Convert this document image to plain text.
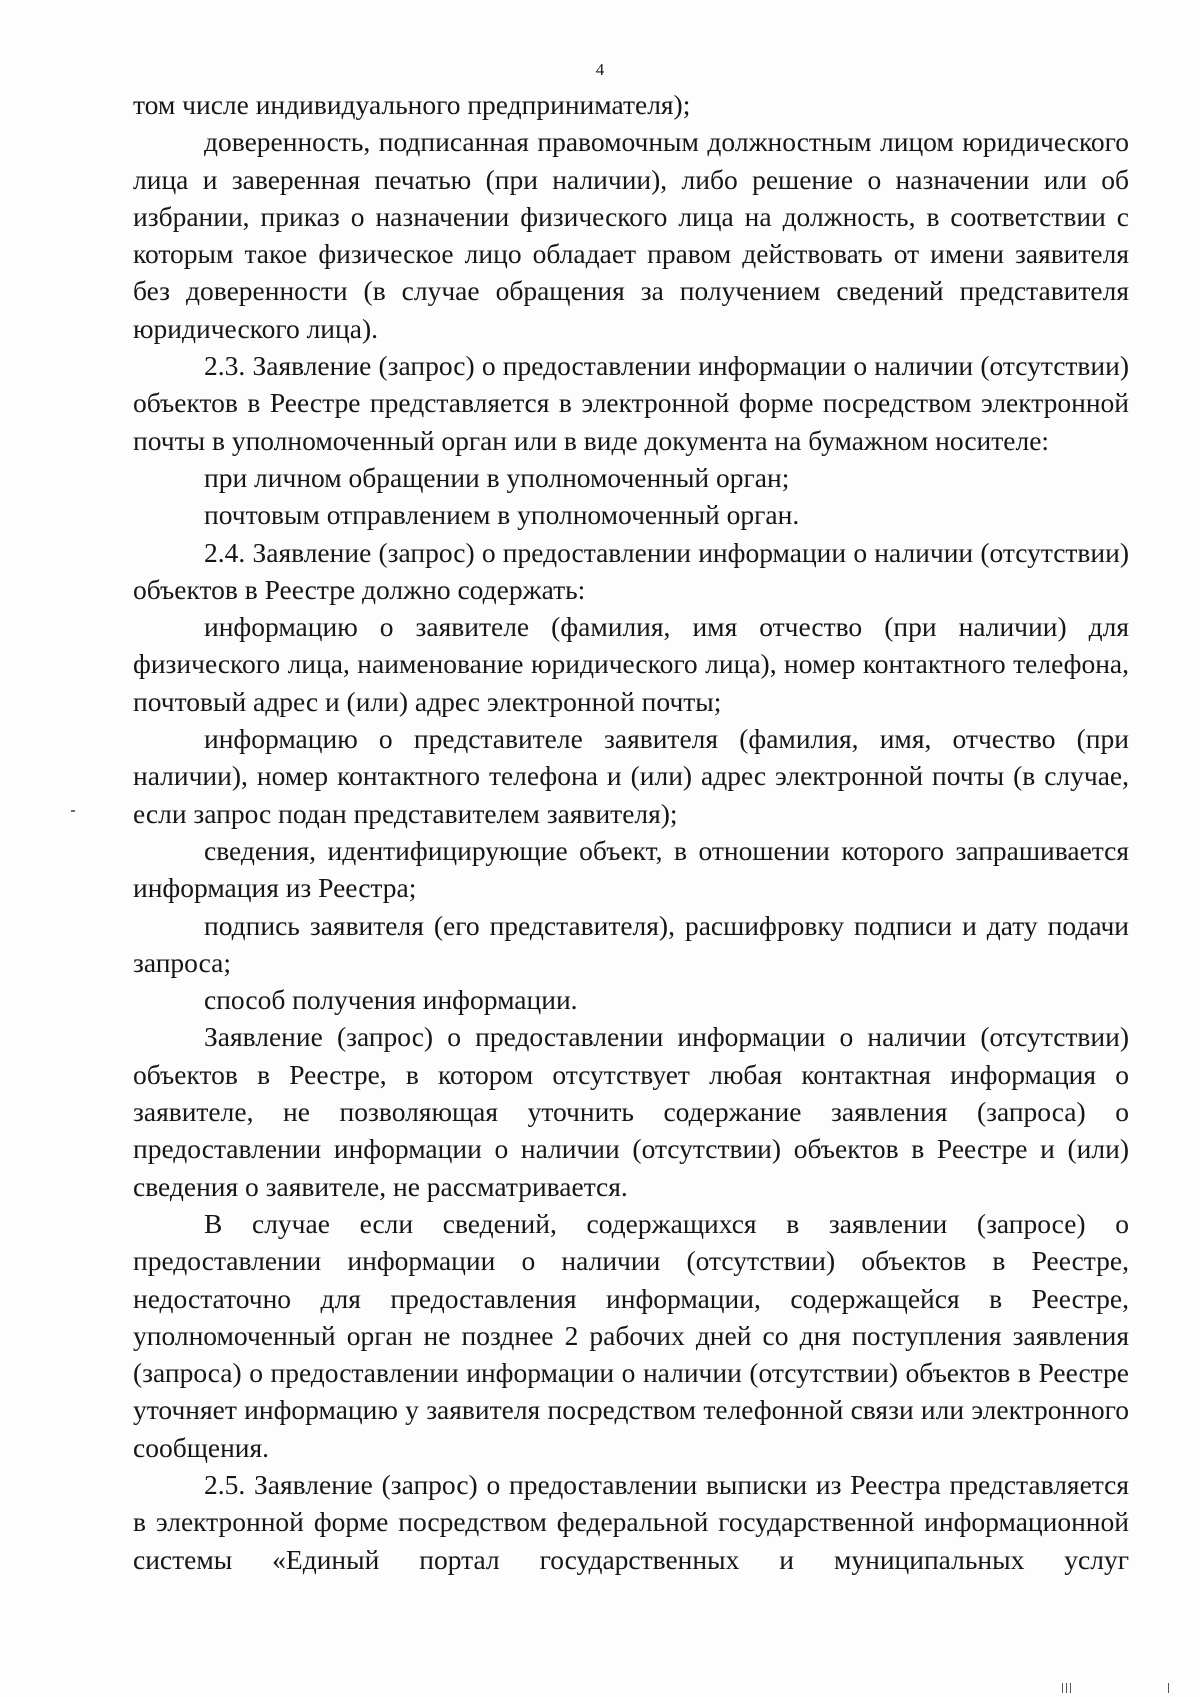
4

том числе индивидуального предпринимателя);

доверенность, подписанная правомочным должностным лицом юридического лица и заверенная печатью (при наличии), либо решение о назначении или об избрании, приказ о назначении физического лица на должность, в соответствии с которым такое физическое лицо обладает правом действовать от имени заявителя без доверенности (в случае обращения за получением сведений представителя юридического лица).

2.3. Заявление (запрос) о предоставлении информации о наличии (отсутствии) объектов в Реестре представляется в электронной форме посредством электронной почты в уполномоченный орган или в виде документа на бумажном носителе:

при личном обращении в уполномоченный орган;

почтовым отправлением в уполномоченный орган.

2.4. Заявление (запрос) о предоставлении информации о наличии (отсутствии) объектов в Реестре должно содержать:

информацию о заявителе (фамилия, имя отчество (при наличии) для физического лица, наименование юридического лица), номер контактного телефона, почтовый адрес и (или) адрес электронной почты;

информацию о представителе заявителя (фамилия, имя, отчество (при наличии), номер контактного телефона и (или) адрес электронной почты (в случае, если запрос подан представителем заявителя);

сведения, идентифицирующие объект, в отношении которого запрашивается информация из Реестра;

подпись заявителя (его представителя), расшифровку подписи и дату подачи запроса;

способ получения информации.

Заявление (запрос) о предоставлении информации о наличии (отсутствии) объектов в Реестре, в котором отсутствует любая контактная информация о заявителе, не позволяющая уточнить содержание заявления (запроса) о предоставлении информации о наличии (отсутствии) объектов в Реестре и (или) сведения о заявителе, не рассматривается.

В случае если сведений, содержащихся в заявлении (запросе) о предоставлении информации о наличии (отсутствии) объектов в Реестре, недостаточно для предоставления информации, содержащейся в Реестре, уполномоченный орган не позднее 2 рабочих дней со дня поступления заявления (запроса) о предоставлении информации о наличии (отсутствии) объектов в Реестре уточняет информацию у заявителя посредством телефонной связи или электронного сообщения.

2.5. Заявление (запрос) о предоставлении выписки из Реестра представляется в электронной форме посредством федеральной государственной информационной системы «Единый портал государственных и муниципальных услуг
